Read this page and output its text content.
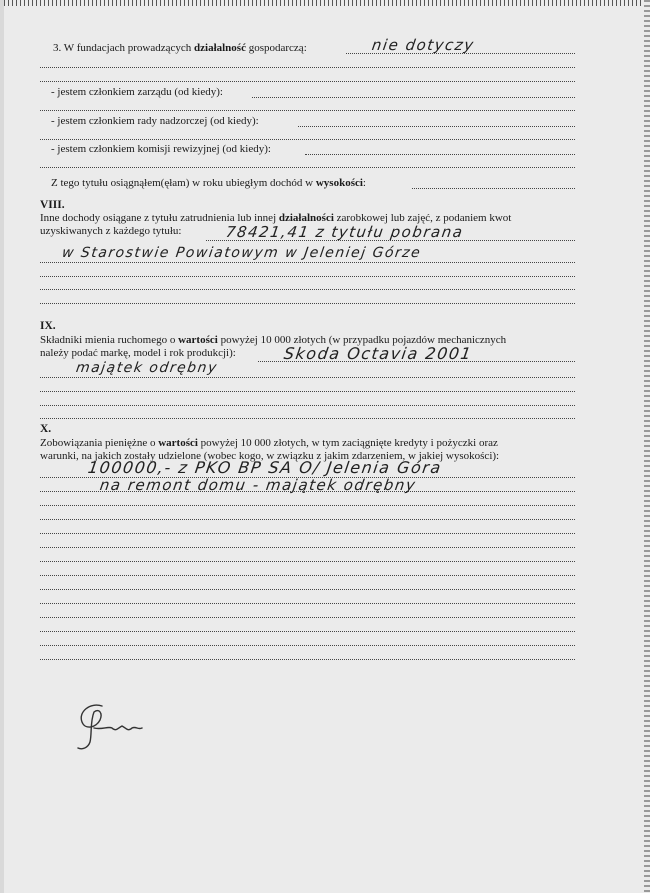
3. W fundacjach prowadzących działalność gospodarczą:	nie dotyczy
- jestem członkiem zarządu (od kiedy):
- jestem członkiem rady nadzorczej (od kiedy):
- jestem członkiem komisji rewizyjnej (od kiedy):
Z tego tytułu osiągnąłem(ęłam) w roku ubiegłym dochód w wysokości:
VIII.
Inne dochody osiągane z tytułu zatrudnienia lub innej działalności zarobkowej lub zajęć, z podaniem kwot
uzyskiwanych z każdego tytułu:	78421,41 z tytułu pobrana
w Starostwie Powiatowym w Jeleniej Górze
IX.
Składniki mienia ruchomego o wartości powyżej 10 000 złotych (w przypadku pojazdów mechanicznych
należy podać markę, model i rok produkcji):	Skoda Octavia 2001
majątek odrębny
X.
Zobowiązania pieniężne o wartości powyżej 10 000 złotych, w tym zaciągnięte kredyty i pożyczki oraz
warunki, na jakich zostały udzielone (wobec kogo, w związku z jakim zdarzeniem, w jakiej wysokości):
100000,- z PKO BP SA O/ Jelenia Góra
na remont domu - majątek odrębny
